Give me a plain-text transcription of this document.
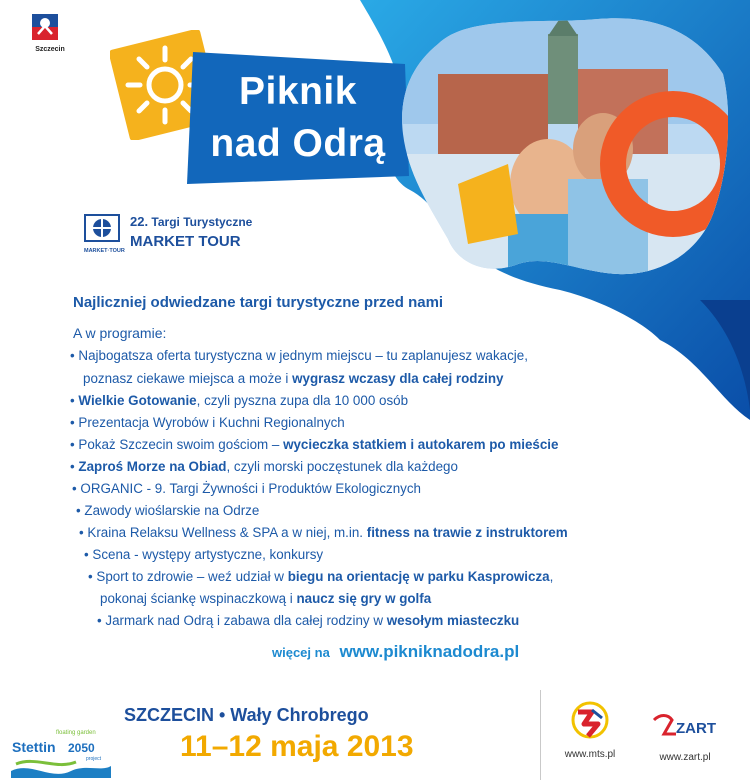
Szczecin
Piknik
nad Odrą
MARKET·TOUR
22. Targi Turystyczne
MARKET TOUR
Najliczniej odwiedzane targi turystyczne przed nami
A w programie:
• Najbogatsza oferta turystyczna w jednym miejscu – tu zaplanujesz wakacje,
poznasz ciekawe miejsca a może i wygrasz wczasy dla całej rodziny
• Wielkie Gotowanie, czyli pyszna zupa dla 10 000 osób
• Prezentacja Wyrobów i Kuchni Regionalnych
• Pokaż Szczecin swoim gościom – wycieczka statkiem i autokarem po mieście
• Zaproś Morze na Obiad, czyli morski poczęstunek dla każdego
• ORGANIC - 9. Targi Żywności i Produktów Ekologicznych
• Zawody wioślarskie na Odrze
• Kraina Relaksu Wellness & SPA a w niej, m.in. fitness na trawie z instruktorem
• Scena - występy artystyczne, konkursy
• Sport to zdrowie – weź udział w biegu na orientację w parku Kasprowicza,
pokonaj ściankę wspinaczkową i naucz się gry w golfa
• Jarmark nad Odrą i zabawa dla całej rodziny w wesołym miasteczku
więcej na www.pikniknadodra.pl
SZCZECIN • Wały Chrobrego
11–12 maja 2013
Stettin 2050
floating garden
project	www.mts.pl
ZART
www.zart.pl
